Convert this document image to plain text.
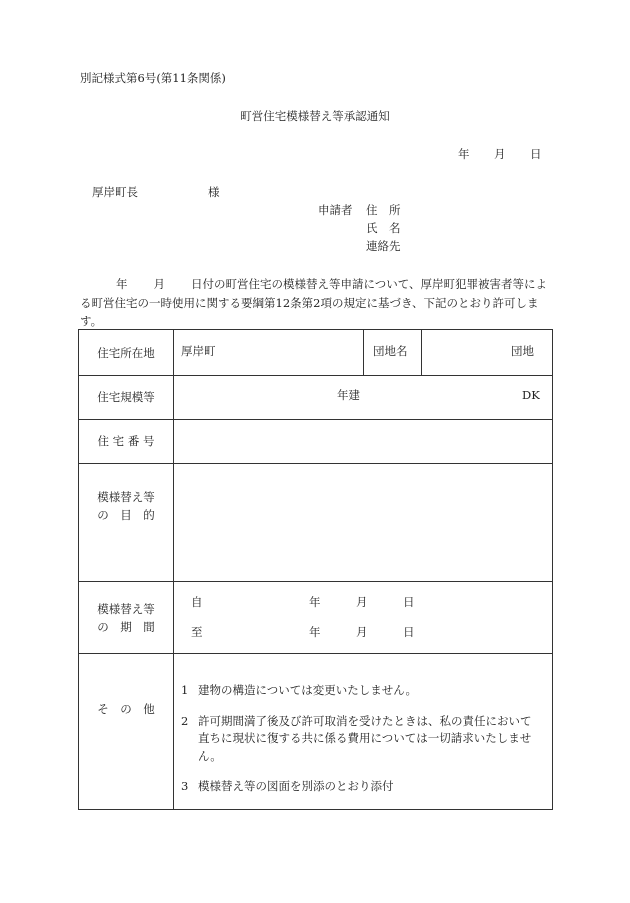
別記様式第6号(第11条関係)
町営住宅模様替え等承認通知
年 月 日
厚岸町長	様
申請者 住　所
氏　名
連絡先
年 月 日付の町営住宅の模様替え等申請について、厚岸町犯罪被害者等による町営住宅の一時使用に関する要綱第12条第2項の規定に基づき、下記のとおり許可します。
住宅所在地	厚岸町	団地名	団地
住宅規模等	年建	DK
住 宅 番 号
模様替え等
の　目　的
模様替え等
の　期　間
自	年	月	日
至	年	月	日
そ　の　他
1 建物の構造については変更いたしません。
2 許可期間満了後及び許可取消を受けたときは、私の責任において直ちに現状に復する共に係る費用については一切請求いたしません。
3 模様替え等の図面を別添のとおり添付
